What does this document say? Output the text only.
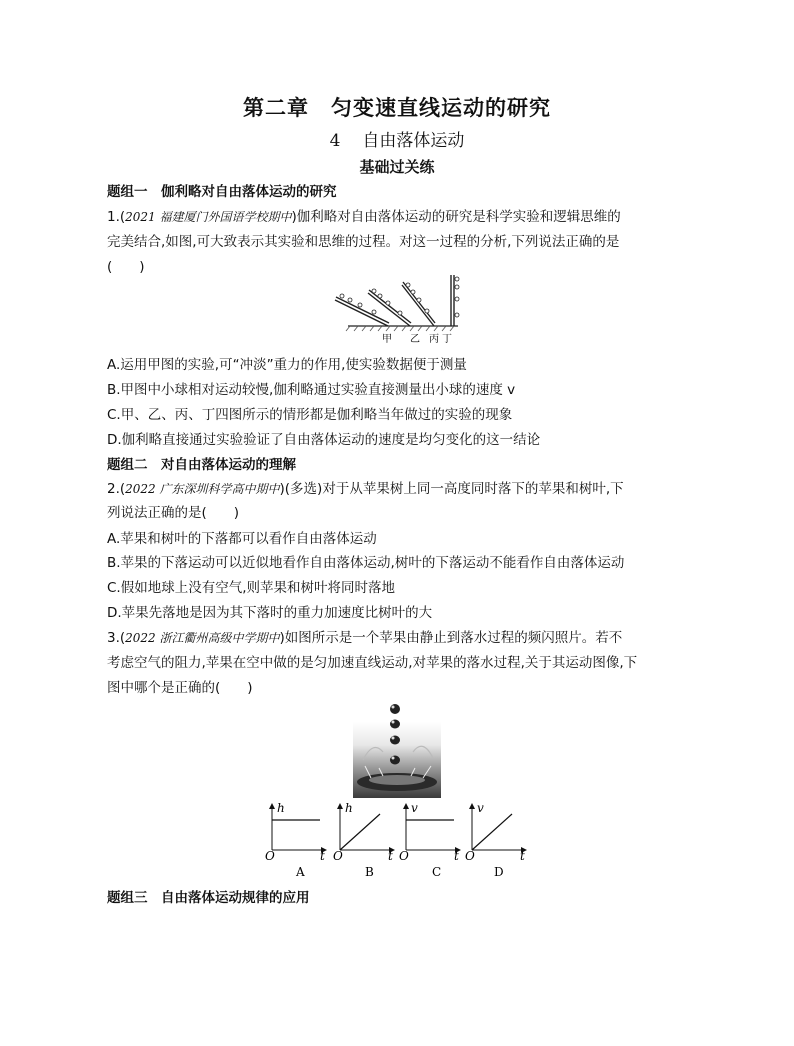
第二章　匀变速直线运动的研究
4 自由落体运动
基础过关练
题组一　伽利略对自由落体运动的研究
1.(2021 福建厦门外国语学校期中)伽利略对自由落体运动的研究是科学实验和逻辑思维的
完美结合,如图,可大致表示其实验和思维的过程。对这一过程的分析,下列说法正确的是
(　　)
甲 乙 丙 丁
A.运用甲图的实验,可“冲淡”重力的作用,使实验数据便于测量
B.甲图中小球相对运动较慢,伽利略通过实验直接测量出小球的速度 v
C.甲、乙、丙、丁四图所示的情形都是伽利略当年做过的实验的现象
D.伽利略直接通过实验验证了自由落体运动的速度是均匀变化的这一结论
题组二　对自由落体运动的理解
2.(2022 广东深圳科学高中期中)(多选)对于从苹果树上同一高度同时落下的苹果和树叶,下
列说法正确的是(　　)
A.苹果和树叶的下落都可以看作自由落体运动
B.苹果的下落运动可以近似地看作自由落体运动,树叶的下落运动不能看作自由落体运动
C.假如地球上没有空气,则苹果和树叶将同时落地
D.苹果先落地是因为其下落时的重力加速度比树叶的大
3.(2022 浙江衢州高级中学期中)如图所示是一个苹果由静止到落水过程的频闪照片。若不
考虑空气的阻力,苹果在空中做的是匀加速直线运动,对苹果的落水过程,关于其运动图像,下
图中哪个是正确的(　　)
h
t
O
A
h
t
O
B
v
t
O
C
v
t
O
D
题组三　自由落体运动规律的应用
